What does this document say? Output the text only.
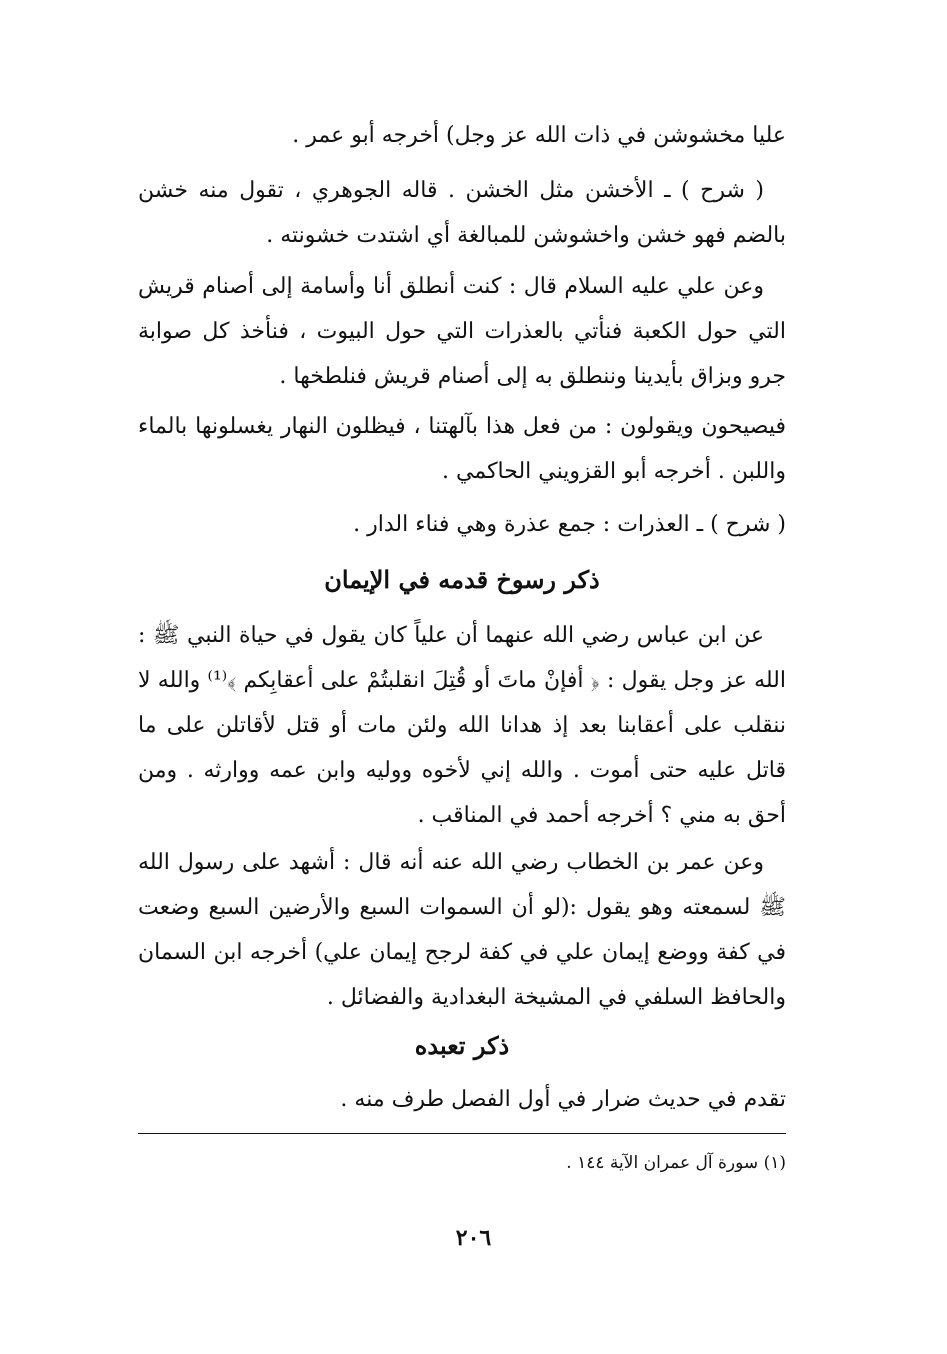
عليا مخشوشن في ذات الله عز وجل) أخرجه أبو عمر .

( شرح ) ـ الأخشن مثل الخشن . قاله الجوهري ، تقول منه خشن بالضم فهو خشن واخشوشن للمبالغة أي اشتدت خشونته .

وعن علي عليه السلام قال : كنت أنطلق أنا وأسامة إلى أصنام قريش التي حول الكعبة فنأتي بالعذرات التي حول البيوت ، فنأخذ كل صوابة جرو وبزاق بأيدينا وننطلق به إلى أصنام قريش فنلطخها .

فيصيحون ويقولون : من فعل هذا بآلهتنا ، فيظلون النهار يغسلونها بالماء واللبن . أخرجه أبو القزويني الحاكمي .

( شرح ) ـ العذرات : جمع عذرة وهي فناء الدار .

ذكر رسوخ قدمه في الإيمان

عن ابن عباس رضي الله عنهما أن علياً كان يقول في حياة النبي ﷺ : الله عز وجل يقول : ﴿ أفإنْ ماتَ أو قُتِلَ انقلبتُمْ على أعقابِكم ﴾⁽¹⁾ والله لا ننقلب على أعقابنا بعد إذ هدانا الله ولئن مات أو قتل لأقاتلن على ما قاتل عليه حتى أموت . والله إني لأخوه ووليه وابن عمه ووارثه . ومن أحق به مني ؟ أخرجه أحمد في المناقب .

وعن عمر بن الخطاب رضي الله عنه أنه قال : أشهد على رسول الله ﷺ لسمعته وهو يقول :(لو أن السموات السبع والأرضين السبع وضعت في كفة ووضع إيمان علي في كفة لرجح إيمان علي) أخرجه ابن السمان والحافظ السلفي في المشيخة البغدادية والفضائل .

ذكر تعبده

تقدم في حديث ضرار في أول الفصل طرف منه .

(١) سورة آل عمران الآية ١٤٤ .
٢٠٦
